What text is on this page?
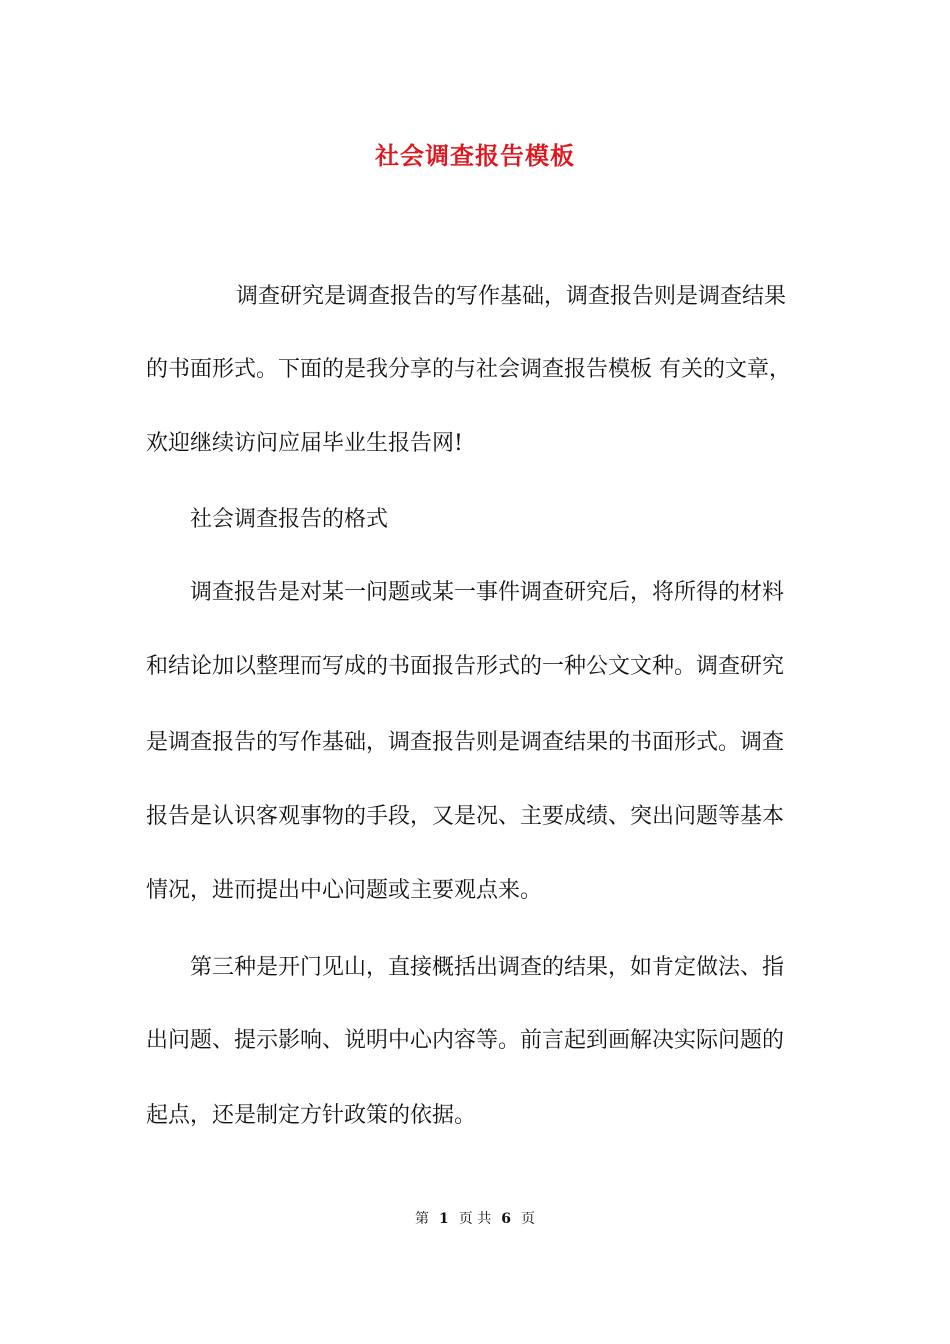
社会调查报告模板
调查研究是调查报告的写作基础，调查报告则是调查结果
的书面形式。下面的是我分享的与社会调查报告模板 有关的文章，
欢迎继续访问应届毕业生报告网!
社会调查报告的格式
调查报告是对某一问题或某一事件调查研究后，将所得的材料
和结论加以整理而写成的书面报告形式的一种公文文种。调查研究
是调查报告的写作基础，调查报告则是调查结果的书面形式。调查
报告是认识客观事物的手段，又是况、主要成绩、突出问题等基本
情况，进而提出中心问题或主要观点来。
第三种是开门见山，直接概括出调查的结果，如肯定做法、指
出问题、提示影响、说明中心内容等。前言起到画解决实际问题的
起点，还是制定方针政策的依据。
第 1 页 共 6 页
